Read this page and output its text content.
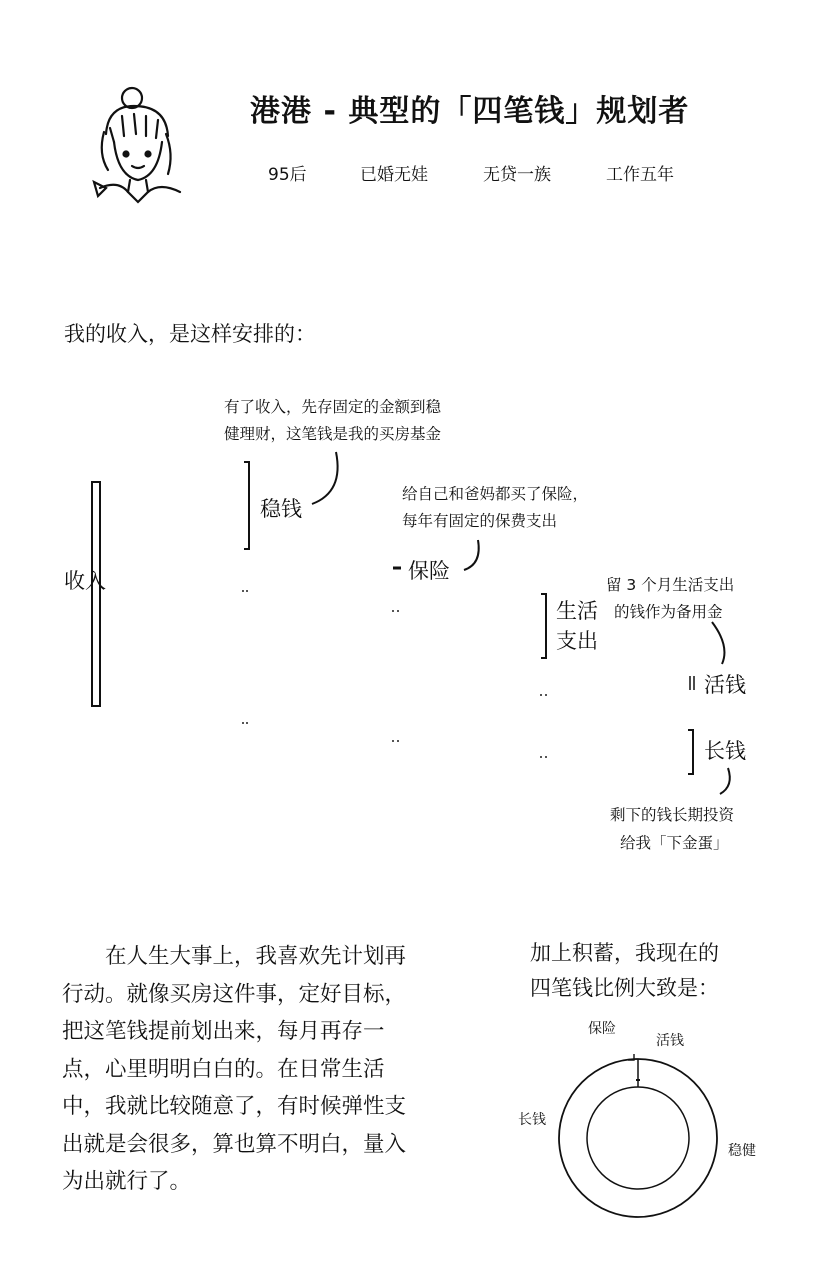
港港 - 典型的「四笔钱」规划者
95后	已婚无娃	无贷一族	工作五年
我的收入，是这样安排的：
收入
有了收入，先存固定的金额到稳
健理财，这笔钱是我的买房基金
稳钱
给自己和爸妈都买了保险，
每年有固定的保费支出
保险
生活支出
留 3 个月生活支出
的钱作为备用金
活钱
长钱
剩下的钱长期投资
给我「下金蛋」
在人生大事上，我喜欢先计划再行动。就像买房这件事，定好目标，把这笔钱提前划出来，每月再存一点，心里明明白白的。在日常生活中，我就比较随意了，有时候弹性支出就是会很多，算也算不明白，量入为出就行了。
加上积蓄，我现在的
四笔钱比例大致是：
保险
活钱
长钱
稳健
